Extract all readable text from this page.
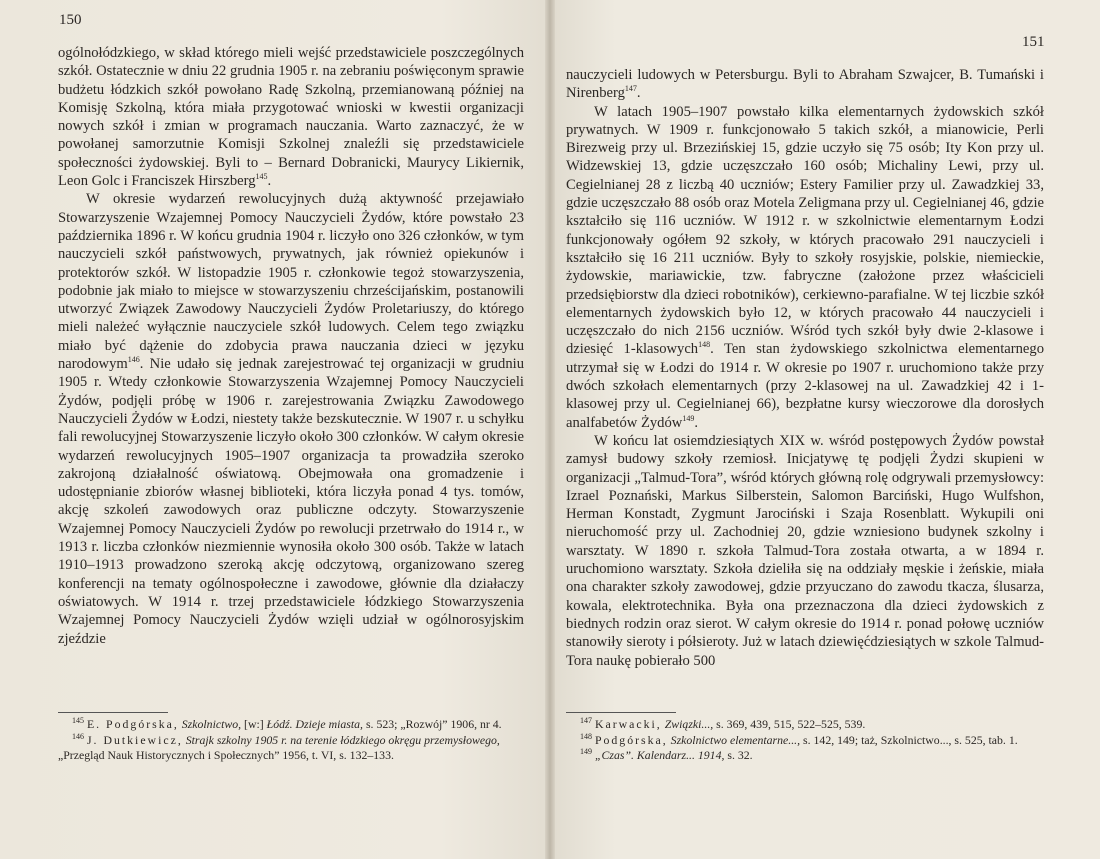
150

ogólnołódzkiego, w skład którego mieli wejść przedstawiciele poszczególnych szkół. Ostatecznie w dniu 22 grudnia 1905 r. na zebraniu poświęconym sprawie budżetu łódzkich szkół powołano Radę Szkolną, przemianowaną później na Komisję Szkolną, która miała przygotować wnioski w kwestii organizacji nowych szkół i zmian w programach nauczania. Warto zaznaczyć, że w powołanej samorzutnie Komisji Szkolnej znaleźli się przedstawiciele społeczności żydowskiej. Byli to – Bernard Dobranicki, Maurycy Likiernik, Leon Golc i Franciszek Hirszberg$^{145}$.

W okresie wydarzeń rewolucyjnych dużą aktywność przejawiało Stowarzyszenie Wzajemnej Pomocy Nauczycieli Żydów, które powstało 23 października 1896 r. W końcu grudnia 1904 r. liczyło ono 326 członków, w tym nauczycieli szkół państwowych, prywatnych, jak również opiekunów i protektorów szkół. W listopadzie 1905 r. członkowie tegoż stowarzyszenia, podobnie jak miało to miejsce w stowarzyszeniu chrześcijańskim, postanowili utworzyć Związek Zawodowy Nauczycieli Żydów Proletariuszy, do którego mieli należeć wyłącznie nauczyciele szkół ludowych. Celem tego związku miało być dążenie do zdobycia prawa nauczania dzieci w języku narodowym$^{146}$. Nie udało się jednak zarejestrować tej organizacji w grudniu 1905 r. Wtedy członkowie Stowarzyszenia Wzajemnej Pomocy Nauczycieli Żydów, podjęli próbę w 1906 r. zarejestrowania Związku Zawodowego Nauczycieli Żydów w Łodzi, niestety także bezskutecznie. W 1907 r. u schyłku fali rewolucyjnej Stowarzyszenie liczyło około 300 członków. W całym okresie wydarzeń rewolucyjnych 1905–1907 organizacja ta prowadziła szeroko zakrojoną działalność oświatową. Obejmowała ona gromadzenie i udostępnianie zbiorów własnej biblioteki, która liczyła ponad 4 tys. tomów, akcję szkoleń zawodowych oraz publiczne odczyty. Stowarzyszenie Wzajemnej Pomocy Nauczycieli Żydów po rewolucji przetrwało do 1914 r., w 1913 r. liczba członków niezmiennie wynosiła około 300 osób. Także w latach 1910–1913 prowadzono szeroką akcję odczytową, organizowano szereg konferencji na tematy ogólnospołeczne i zawodowe, głównie dla działaczy oświatowych. W 1914 r. trzej przedstawiciele łódzkiego Stowarzyszenia Wzajemnej Pomocy Nauczycieli Żydów wzięli udział w ogólnorosyjskim zjeździe

$^{145}$ E. Podgórska, Szkolnictwo, [w:] Łódź. Dzieje miasta, s. 523; „Rozwój” 1906, nr 4.

$^{146}$ J. Dutkiewicz, Strajk szkolny 1905 r. na terenie łódzkiego okręgu przemysłowego, „Przegląd Nauk Historycznych i Społecznych” 1956, t. VI, s. 132–133.

151

nauczycieli ludowych w Petersburgu. Byli to Abraham Szwajcer, B. Tumański i Nirenberg$^{147}$.

W latach 1905–1907 powstało kilka elementarnych żydowskich szkół prywatnych. W 1909 r. funkcjonowało 5 takich szkół, a mianowicie, Perli Birezweig przy ul. Brzezińskiej 15, gdzie uczyło się 75 osób; Ity Kon przy ul. Widzewskiej 13, gdzie uczęszczało 160 osób; Michaliny Lewi, przy ul. Cegielnianej 28 z liczbą 40 uczniów; Estery Familier przy ul. Zawadzkiej 33, gdzie uczęszczało 88 osób oraz Motela Zeligmana przy ul. Cegielnianej 46, gdzie kształciło się 116 uczniów. W 1912 r. w szkolnictwie elementarnym Łodzi funkcjonowały ogółem 92 szkoły, w których pracowało 291 nauczycieli i kształciło się 16 211 uczniów. Były to szkoły rosyjskie, polskie, niemieckie, żydowskie, mariawickie, tzw. fabryczne (założone przez właścicieli przedsiębiorstw dla dzieci robotników), cerkiewno-parafialne. W tej liczbie szkół elementarnych żydowskich było 12, w których pracowało 44 nauczycieli i uczęszczało do nich 2156 uczniów. Wśród tych szkół były dwie 2-klasowe i dziesięć 1-klasowych$^{148}$. Ten stan żydowskiego szkolnictwa elementarnego utrzymał się w Łodzi do 1914 r. W okresie po 1907 r. uruchomiono także przy dwóch szkołach elementarnych (przy 2-klasowej na ul. Zawadzkiej 42 i 1-klasowej przy ul. Cegielnianej 66), bezpłatne kursy wieczorowe dla dorosłych analfabetów Żydów$^{149}$.

W końcu lat osiemdziesiątych XIX w. wśród postępowych Żydów powstał zamysł budowy szkoły rzemiosł. Inicjatywę tę podjęli Żydzi skupieni w organizacji „Talmud-Tora”, wśród których główną rolę odgrywali przemysłowcy: Izrael Poznański, Markus Silberstein, Salomon Barciński, Hugo Wulfshon, Herman Konstadt, Zygmunt Jarociński i Szaja Rosenblatt. Wykupili oni nieruchomość przy ul. Zachodniej 20, gdzie wzniesiono budynek szkolny i warsztaty. W 1890 r. szkoła Talmud-Tora została otwarta, a w 1894 r. uruchomiono warsztaty. Szkoła dzieliła się na oddziały męskie i żeńskie, miała ona charakter szkoły zawodowej, gdzie przyuczano do zawodu tkacza, ślusarza, kowala, elektrotechnika. Była ona przeznaczona dla dzieci żydowskich z biednych rodzin oraz sierot. W całym okresie do 1914 r. ponad połowę uczniów stanowiły sieroty i półsieroty. Już w latach dziewięćdziesiątych w szkole Talmud-Tora naukę pobierało 500

$^{147}$ Karwacki, Związki..., s. 369, 439, 515, 522–525, 539.

$^{148}$ Podgórska, Szkolnictwo elementarne..., s. 142, 149; taż, Szkolnictwo..., s. 525, tab. 1.

$^{149}$ „Czas”. Kalendarz... 1914, s. 32.
